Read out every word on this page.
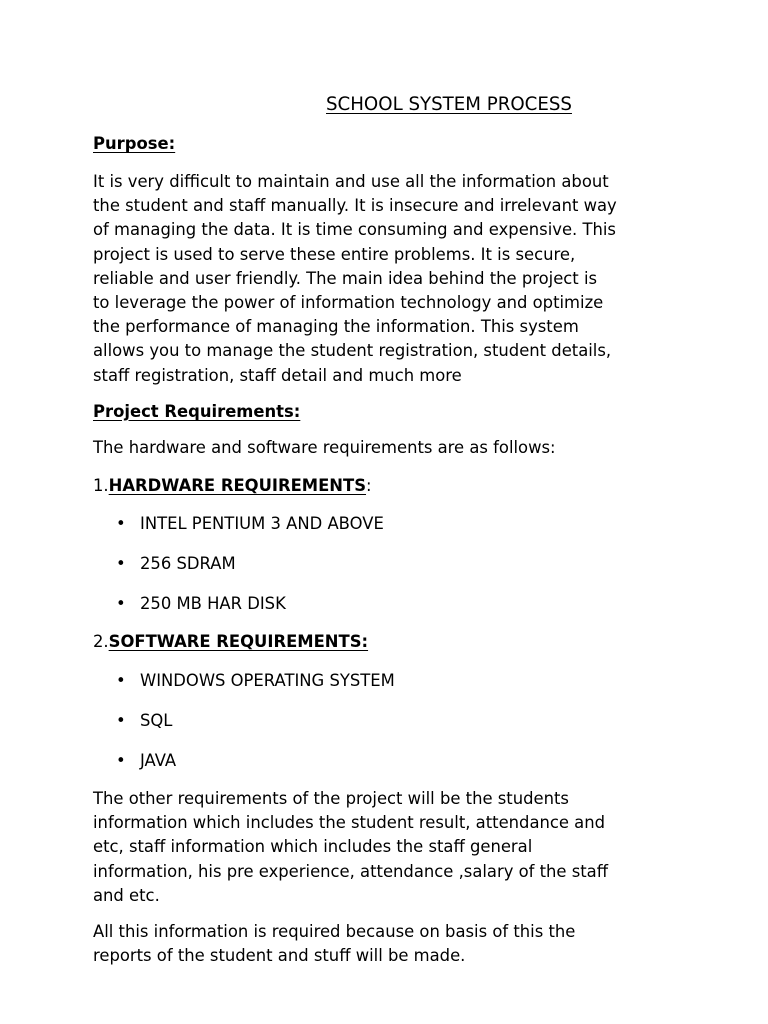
SCHOOL SYSTEM PROCESS
Purpose:
It is very difficult to maintain and use all the information about
the student and staff manually. It is insecure and irrelevant way
of managing the data. It is time consuming and expensive. This
project is used to serve these entire problems. It is secure,
reliable and user friendly. The main idea behind the project is
to leverage the power of information technology and optimize
the performance of managing the information. This system
allows you to manage the student registration, student details,
staff registration, staff detail and much more
Project Requirements:
The hardware and software requirements are as follows:
1.HARDWARE REQUIREMENTS:
• INTEL PENTIUM 3 AND ABOVE
• 256 SDRAM
• 250 MB HAR DISK
2.SOFTWARE REQUIREMENTS:
• WINDOWS OPERATING SYSTEM
• SQL
• JAVA
The other requirements of the project will be the students
information which includes the student result, attendance and
etc, staff information which includes the staff general
information, his pre experience, attendance ,salary of the staff
and etc.
All this information is required because on basis of this the
reports of the student and stuff will be made.
